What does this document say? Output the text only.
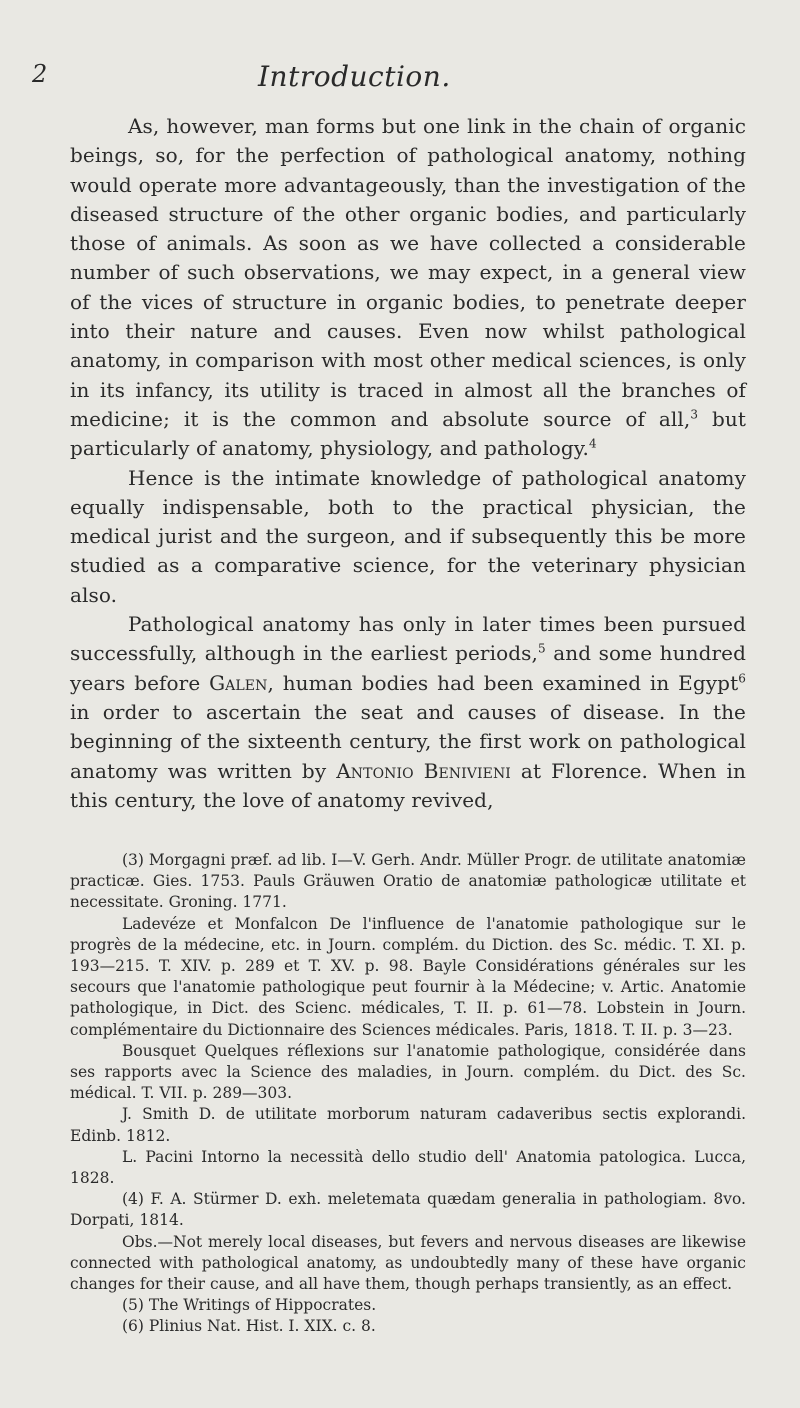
2	Introduction.

As, however, man forms but one link in the chain of organic beings, so, for the perfection of pathological anatomy, nothing would operate more advantageously, than the investigation of the diseased structure of the other organic bodies, and particularly those of animals. As soon as we have collected a considerable number of such observations, we may expect, in a general view of the vices of structure in organic bodies, to penetrate deeper into their nature and causes. Even now whilst pathological anatomy, in comparison with most other medical sciences, is only in its infancy, its utility is traced in almost all the branches of medicine; it is the common and absolute source of all,$^3$ but particularly of anatomy, physiology, and pathology.$^4$

Hence is the intimate knowledge of pathological anatomy equally indispensable, both to the practical physician, the medical jurist and the surgeon, and if subsequently this be more studied as a comparative science, for the veterinary physician also.

Pathological anatomy has only in later times been pursued successfully, although in the earliest periods,$^5$ and some hundred years before Galen, human bodies had been examined in Egypt$^6$ in order to ascertain the seat and causes of disease. In the beginning of the sixteenth century, the first work on pathological anatomy was written by Antonio Benivieni at Florence. When in this century, the love of anatomy revived,

(3) Morgagni præf. ad lib. I—V. Gerh. Andr. Müller Progr. de utilitate anatomiæ practicæ. Gies. 1753. Pauls Gräuwen Oratio de anatomiæ pathologicæ utilitate et necessitate. Groning. 1771.

Ladevéze et Monfalcon De l'influence de l'anatomie pathologique sur le progrès de la médecine, etc. in Journ. complém. du Diction. des Sc. médic. T. XI. p. 193—215. T. XIV. p. 289 et T. XV. p. 98. Bayle Considérations générales sur les secours que l'anatomie pathologique peut fournir à la Médecine; v. Artic. Anatomie pathologique, in Dict. des Scienc. médicales, T. II. p. 61—78. Lobstein in Journ. complémentaire du Dictionnaire des Sciences médicales. Paris, 1818. T. II. p. 3—23.

Bousquet Quelques réflexions sur l'anatomie pathologique, considérée dans ses rapports avec la Science des maladies, in Journ. complém. du Dict. des Sc. médical. T. VII. p. 289—303.

J. Smith D. de utilitate morborum naturam cadaveribus sectis explorandi. Edinb. 1812.

L. Pacini Intorno la necessità dello studio dell' Anatomia patologica. Lucca, 1828.

(4) F. A. Stürmer D. exh. meletemata quædam generalia in pathologiam. 8vo. Dorpati, 1814.

Obs.—Not merely local diseases, but fevers and nervous diseases are likewise connected with pathological anatomy, as undoubtedly many of these have organic changes for their cause, and all have them, though perhaps transiently, as an effect.

(5) The Writings of Hippocrates.

(6) Plinius Nat. Hist. I. XIX. c. 8.
